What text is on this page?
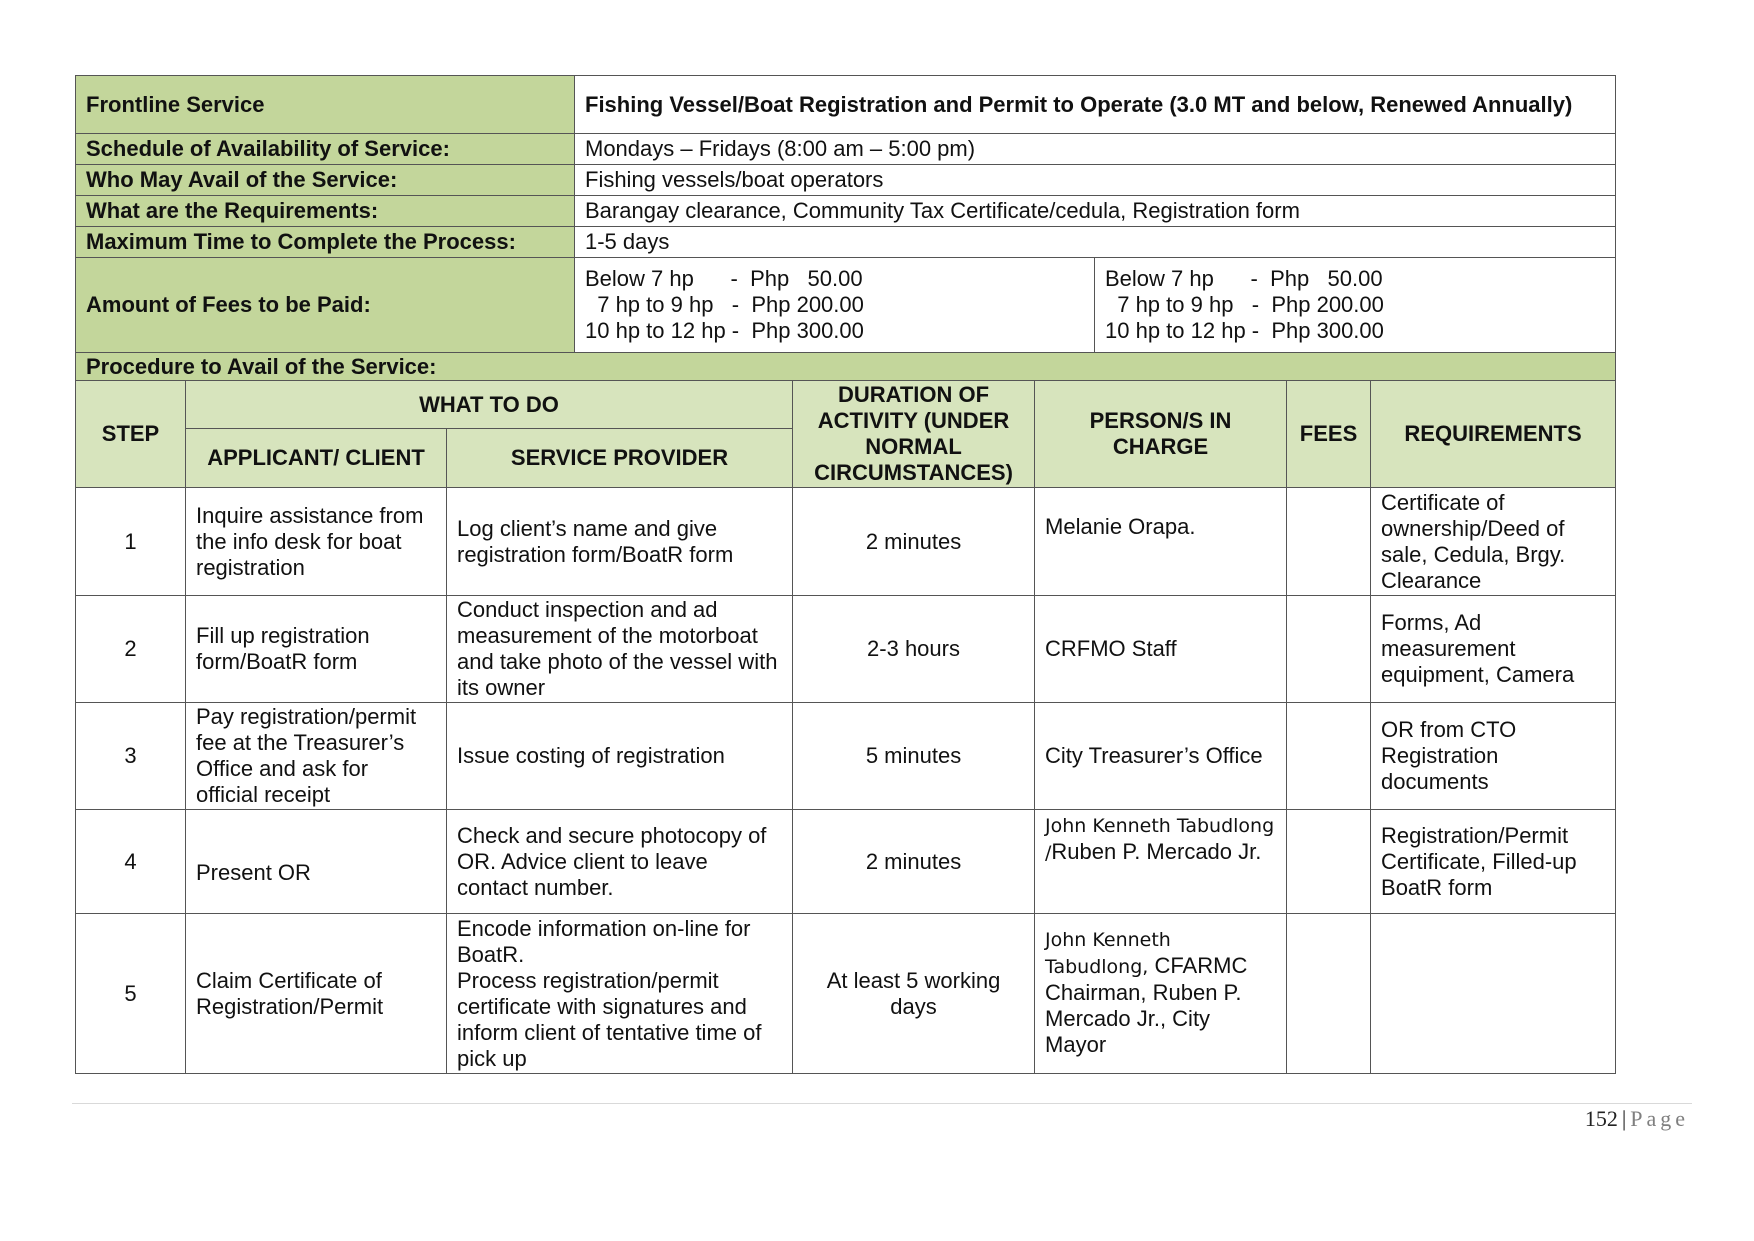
Frontline Service	Fishing Vessel/Boat Registration and Permit to Operate (3.0 MT and below, Renewed Annually)	
Schedule of Availability of Service:	Mondays – Fridays (8:00 am – 5:00 pm)	
Who May Avail of the Service:	Fishing vessels/boat operators	
What are the Requirements:	Barangay clearance, Community Tax Certificate/cedula, Registration form	
Maximum Time to Complete the Process:	1-5 days	
Amount of Fees to be Paid:	Below 7 hp      -  Php   50.00
7 hp to 9 hp   -  Php 200.00
10 hp to 12 hp -  Php 300.00	Below 7 hp      -  Php   50.00
7 hp to 9 hp   -  Php 200.00
10 hp to 12 hp -  Php 300.00
Procedure to Avail of the Service:		
STEP	WHAT TO DO		DURATION OF ACTIVITY (UNDER NORMAL CIRCUMSTANCES)	PERSON/S IN CHARGE	FEES	REQUIREMENTS
	APPLICANT/ CLIENT	SERVICE PROVIDER				
1	Inquire assistance from the info desk for boat registration	Log client’s name and give registration form/BoatR form	2 minutes	Melanie Orapa.		Certificate of ownership/Deed of sale, Cedula, Brgy. Clearance
2	Fill up registration form/BoatR form	Conduct inspection and ad measurement of the motorboat and take photo of the vessel with its owner	2-3 hours	CRFMO Staff		Forms, Ad measurement equipment, Camera
3	Pay registration/permit fee at the Treasurer’s Office and ask for official receipt	Issue costing of registration	5 minutes	City Treasurer’s Office		OR from CTO Registration documents
4	Present OR	Check and secure photocopy of OR. Advice client to leave contact number.	2 minutes	John Kenneth Tabudlong /Ruben P. Mercado Jr.		Registration/Permit Certificate, Filled-up BoatR form
5	Claim Certificate of Registration/Permit	Encode information on-line for BoatR.
Process registration/permit certificate with signatures and inform client of tentative time of pick up	At least 5 working days	John Kenneth Tabudlong, CFARMC Chairman, Ruben P. Mercado Jr., City Mayor		
152 | Page
